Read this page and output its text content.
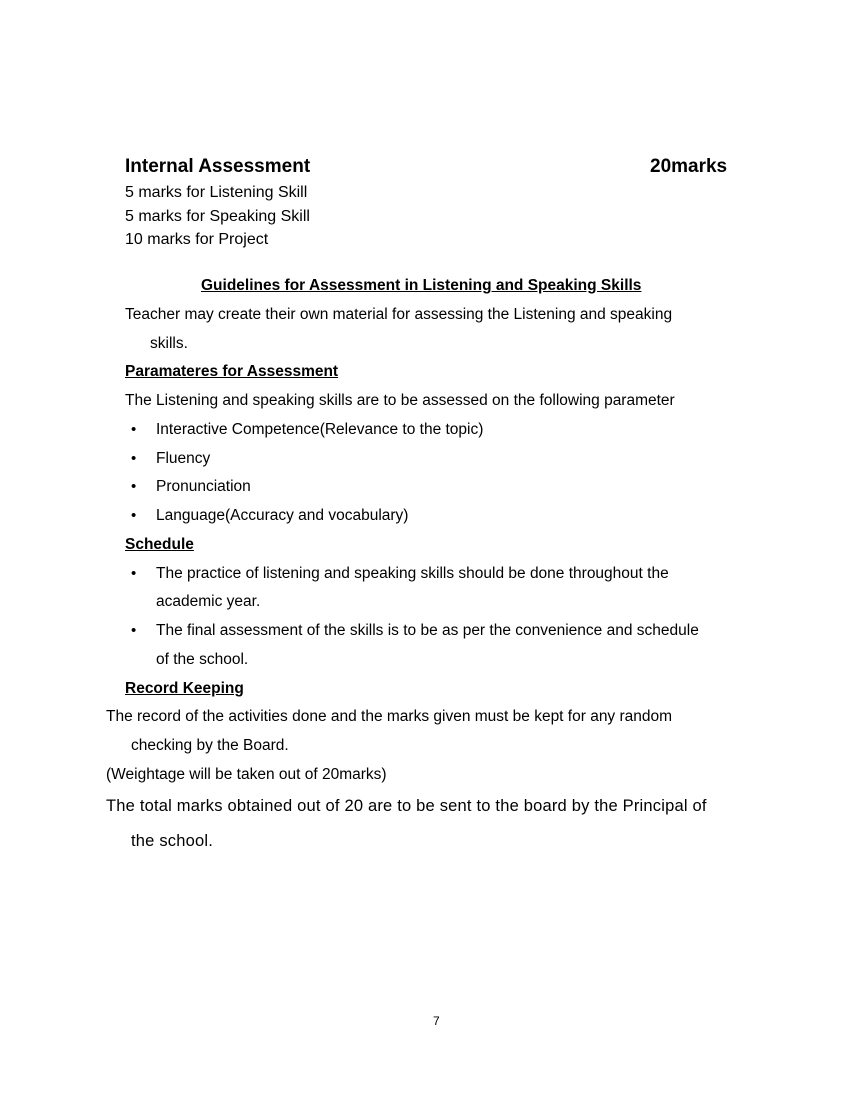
Internal Assessment	20marks
5 marks for Listening Skill
5 marks for Speaking Skill
10 marks for Project
Guidelines for Assessment in Listening and Speaking Skills
Teacher may create their own material for assessing the Listening and speaking
skills.
Paramateres for Assessment
The Listening and speaking skills are to be assessed on the following parameter
• Interactive Competence(Relevance to the topic)
• Fluency
• Pronunciation
• Language(Accuracy and vocabulary)
Schedule
• The practice of listening and speaking skills should be done throughout the
academic year.
• The final assessment of the skills is to be as per the convenience and schedule
of the school.
Record Keeping
The record of the activities done and the marks given must be kept for any random
checking by the Board.
(Weightage will be taken out of 20marks)
The total marks obtained out of 20 are to be sent to the board by the Principal of
the school.
7
